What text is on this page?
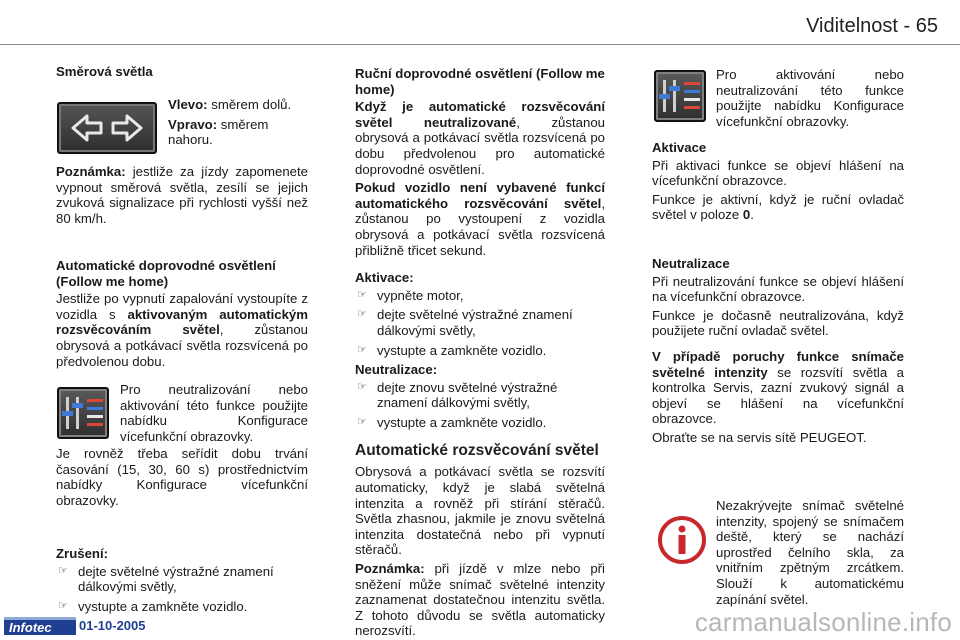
Viditelnost - 65

Směrová světla

Vlevo: směrem dolů.

Vpravo: směrem nahoru.

Poznámka: jestliže za jízdy zapomenete vypnout směrová světla, zesílí se jejich zvuková signalizace při rychlosti vyšší než 80 km/h.

Automatické doprovodné osvětlení (Follow me home)

Jestliže po vypnutí zapalování vystoupíte z vozidla s aktivovaným automatickým rozsvěcováním světel, zůstanou obrysová a potkávací světla rozsvícená po předvolenou dobu.

Pro neutralizování nebo aktivování této funkce použijte nabídku Konfigurace vícefunkční obrazovky.

Je rovněž třeba seřídit dobu trvání časování (15, 30, 60 s) prostřednictvím nabídky Konfigurace vícefunkční obrazovky.

Zrušení:

☞ dejte světelné výstražné znamení dálkovými světly,
☞ vystupte a zamkněte vozidlo.

Ruční doprovodné osvětlení (Follow me home)

Když je automatické rozsvěcování světel neutralizované, zůstanou obrysová a potkávací světla rozsvícená po dobu předvolenou pro automatické doprovodné osvětlení.

Pokud vozidlo není vybavené funkcí automatického rozsvěcování světel, zůstanou po vystoupení z vozidla obrysová a potkávací světla rozsvícená přibližně třicet sekund.

Aktivace:

☞ vypněte motor,
☞ dejte světelné výstražné znamení dálkovými světly,
☞ vystupte a zamkněte vozidlo.

Neutralizace:

☞ dejte znovu světelné výstražné znamení dálkovými světly,
☞ vystupte a zamkněte vozidlo.

Automatické rozsvěcování světel

Obrysová a potkávací světla se rozsvítí automaticky, když je slabá světelná intenzita a rovněž při stírání stěračů. Světla zhasnou, jakmile je znovu světelná intenzita dostatečná nebo při vypnutí stěračů.

Poznámka: při jízdě v mlze nebo při sněžení může snímač světelné intenzity zaznamenat dostatečnou intenzitu světla. Z tohoto důvodu se světla automaticky nerozsvítí.

Pro aktivování nebo neutralizování této funkce použijte nabídku Konfigurace vícefunkční obrazovky.

Aktivace

Při aktivaci funkce se objeví hlášení na vícefunkční obrazovce.

Funkce je aktivní, když je ruční ovladač světel v poloze 0.

Neutralizace

Při neutralizování funkce se objeví hlášení na vícefunkční obrazovce.

Funkce je dočasně neutralizována, když použijete ruční ovladač světel.

V případě poruchy funkce snímače světelné intenzity se rozsvítí světla a kontrolka Servis, zazní zvukový signál a objeví se hlášení na vícefunkční obrazovce.

Obraťte se na servis sítě PEUGEOT.

Nezakrývejte snímač světelné intenzity, spojený se snímačem deště, který se nachází uprostřed čelního skla, za vnitřním zpětným zrcátkem. Slouží k automatickému zapínání světel.

Infotec 01-10-2005	carmanualsonline.info
